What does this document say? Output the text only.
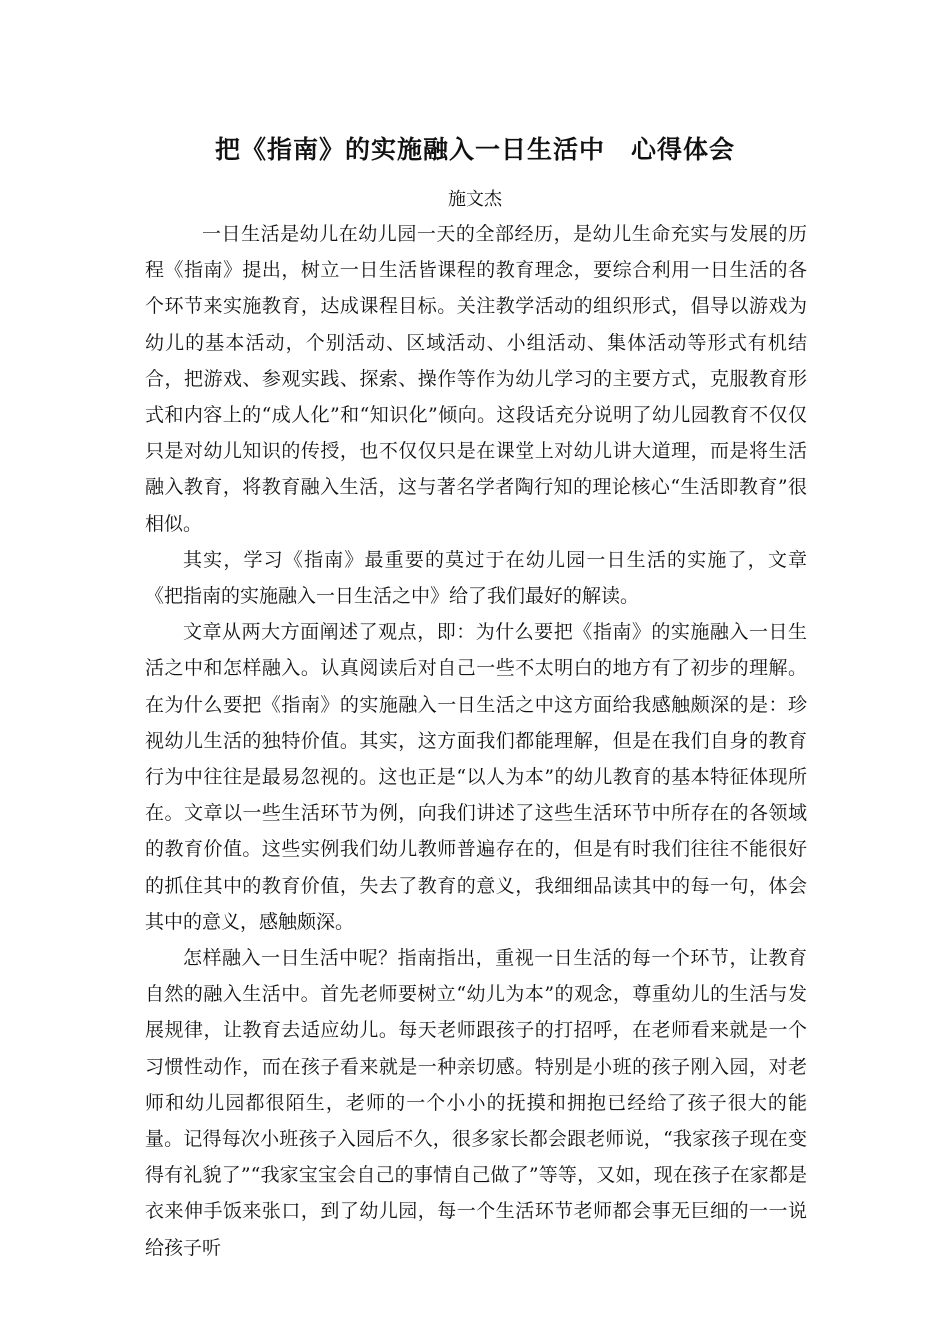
把《指南》的实施融入一日生活中　心得体会
施文杰

一日生活是幼儿在幼儿园一天的全部经历，是幼儿生命充实与发展的历程《指南》提出，树立一日生活皆课程的教育理念，要综合利用一日生活的各个环节来实施教育，达成课程目标。关注教学活动的组织形式，倡导以游戏为幼儿的基本活动，个别活动、区域活动、小组活动、集体活动等形式有机结合，把游戏、参观实践、探索、操作等作为幼儿学习的主要方式，克服教育形式和内容上的“成人化”和“知识化”倾向。这段话充分说明了幼儿园教育不仅仅只是对幼儿知识的传授，也不仅仅只是在课堂上对幼儿讲大道理，而是将生活融入教育，将教育融入生活，这与著名学者陶行知的理论核心“生活即教育”很相似。

其实，学习《指南》最重要的莫过于在幼儿园一日生活的实施了，文章《把指南的实施融入一日生活之中》给了我们最好的解读。

文章从两大方面阐述了观点，即：为什么要把《指南》的实施融入一日生活之中和怎样融入。认真阅读后对自己一些不太明白的地方有了初步的理解。在为什么要把《指南》的实施融入一日生活之中这方面给我感触颇深的是：珍视幼儿生活的独特价值。其实，这方面我们都能理解，但是在我们自身的教育行为中往往是最易忽视的。这也正是“以人为本”的幼儿教育的基本特征体现所在。文章以一些生活环节为例，向我们讲述了这些生活环节中所存在的各领域的教育价值。这些实例我们幼儿教师普遍存在的，但是有时我们往往不能很好的抓住其中的教育价值，失去了教育的意义，我细细品读其中的每一句，体会其中的意义，感触颇深。

怎样融入一日生活中呢？指南指出，重视一日生活的每一个环节，让教育自然的融入生活中。首先老师要树立“幼儿为本”的观念，尊重幼儿的生活与发展规律，让教育去适应幼儿。每天老师跟孩子的打招呼，在老师看来就是一个习惯性动作，而在孩子看来就是一种亲切感。特别是小班的孩子刚入园，对老师和幼儿园都很陌生，老师的一个小小的抚摸和拥抱已经给了孩子很大的能量。记得每次小班孩子入园后不久，很多家长都会跟老师说，“我家孩子现在变得有礼貌了”“我家宝宝会自己的事情自己做了”等等，又如，现在孩子在家都是衣来伸手饭来张口，到了幼儿园，每一个生活环节老师都会事无巨细的一一说给孩子听
